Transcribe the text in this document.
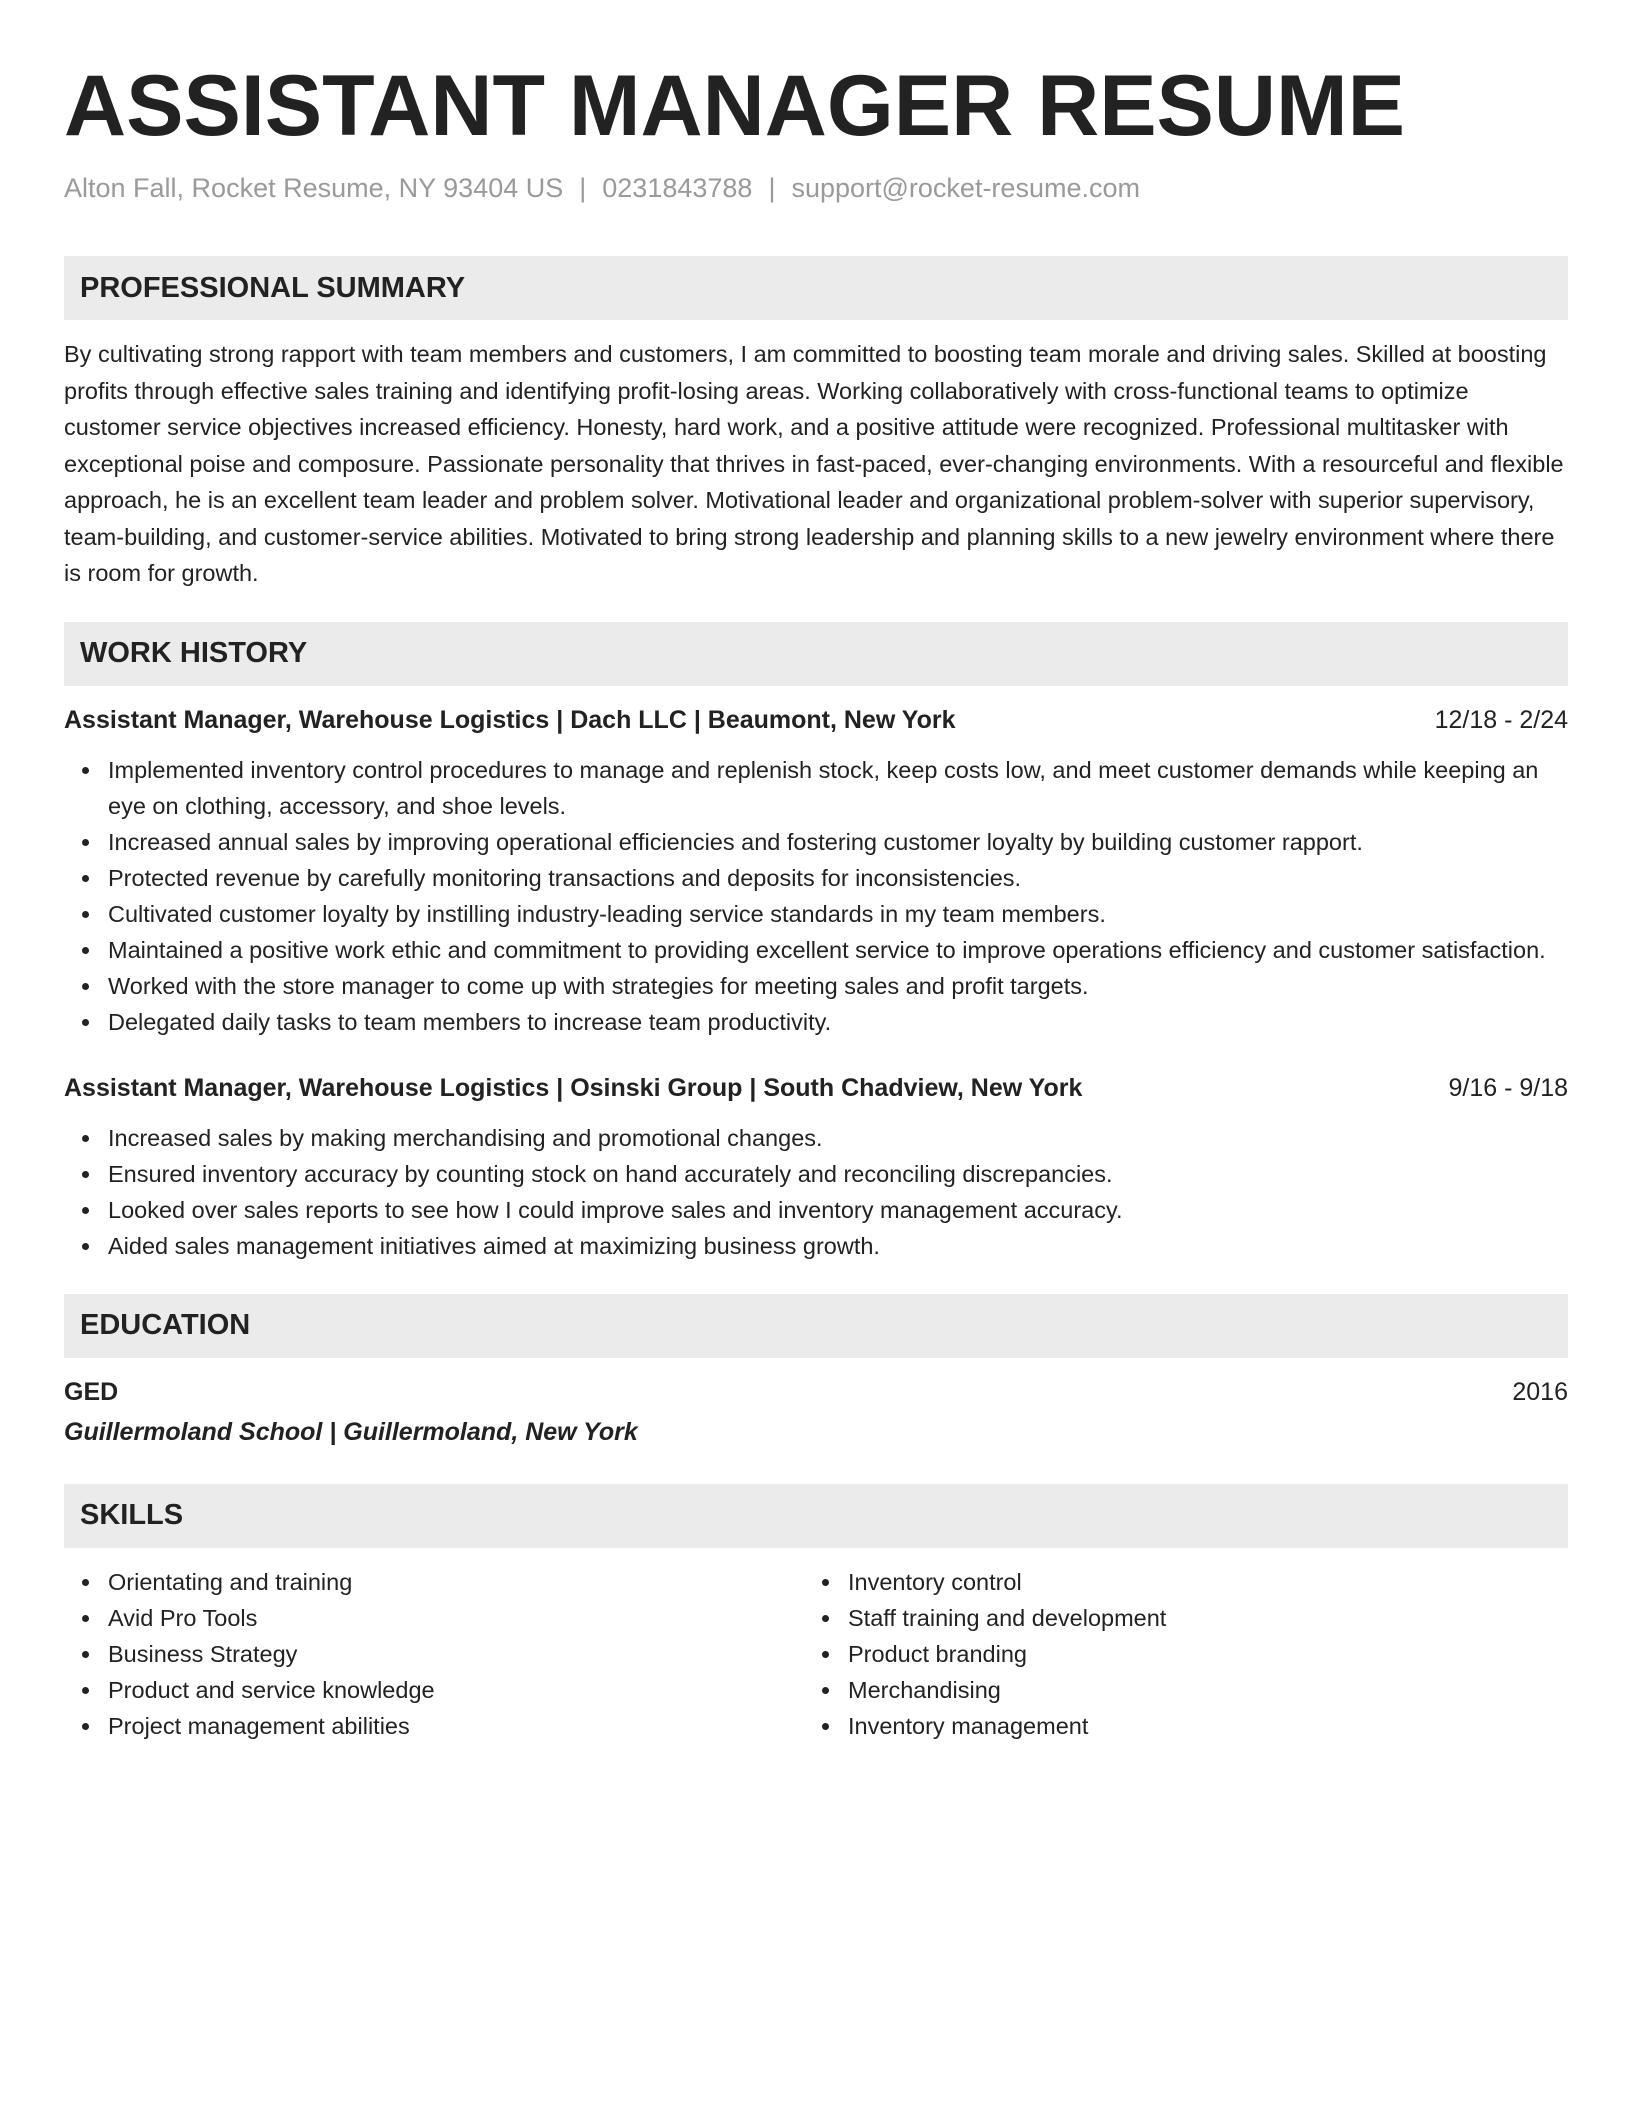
ASSISTANT MANAGER RESUME
Alton Fall, Rocket Resume, NY 93404 US | 0231843788 | support@rocket-resume.com
PROFESSIONAL SUMMARY
By cultivating strong rapport with team members and customers, I am committed to boosting team morale and driving sales. Skilled at boosting profits through effective sales training and identifying profit-losing areas. Working collaboratively with cross-functional teams to optimize customer service objectives increased efficiency. Honesty, hard work, and a positive attitude were recognized. Professional multitasker with exceptional poise and composure. Passionate personality that thrives in fast-paced, ever-changing environments. With a resourceful and flexible approach, he is an excellent team leader and problem solver. Motivational leader and organizational problem-solver with superior supervisory, team-building, and customer-service abilities. Motivated to bring strong leadership and planning skills to a new jewelry environment where there is room for growth.
WORK HISTORY
Assistant Manager, Warehouse Logistics | Dach LLC | Beaumont, New York	12/18 - 2/24
Implemented inventory control procedures to manage and replenish stock, keep costs low, and meet customer demands while keeping an eye on clothing, accessory, and shoe levels.
Increased annual sales by improving operational efficiencies and fostering customer loyalty by building customer rapport.
Protected revenue by carefully monitoring transactions and deposits for inconsistencies.
Cultivated customer loyalty by instilling industry-leading service standards in my team members.
Maintained a positive work ethic and commitment to providing excellent service to improve operations efficiency and customer satisfaction.
Worked with the store manager to come up with strategies for meeting sales and profit targets.
Delegated daily tasks to team members to increase team productivity.
Assistant Manager, Warehouse Logistics | Osinski Group | South Chadview, New York	9/16 - 9/18
Increased sales by making merchandising and promotional changes.
Ensured inventory accuracy by counting stock on hand accurately and reconciling discrepancies.
Looked over sales reports to see how I could improve sales and inventory management accuracy.
Aided sales management initiatives aimed at maximizing business growth.
EDUCATION
GED	2016
Guillermoland School | Guillermoland, New York
SKILLS
Orientating and training
Avid Pro Tools
Business Strategy
Product and service knowledge
Project management abilities
Inventory control
Staff training and development
Product branding
Merchandising
Inventory management
